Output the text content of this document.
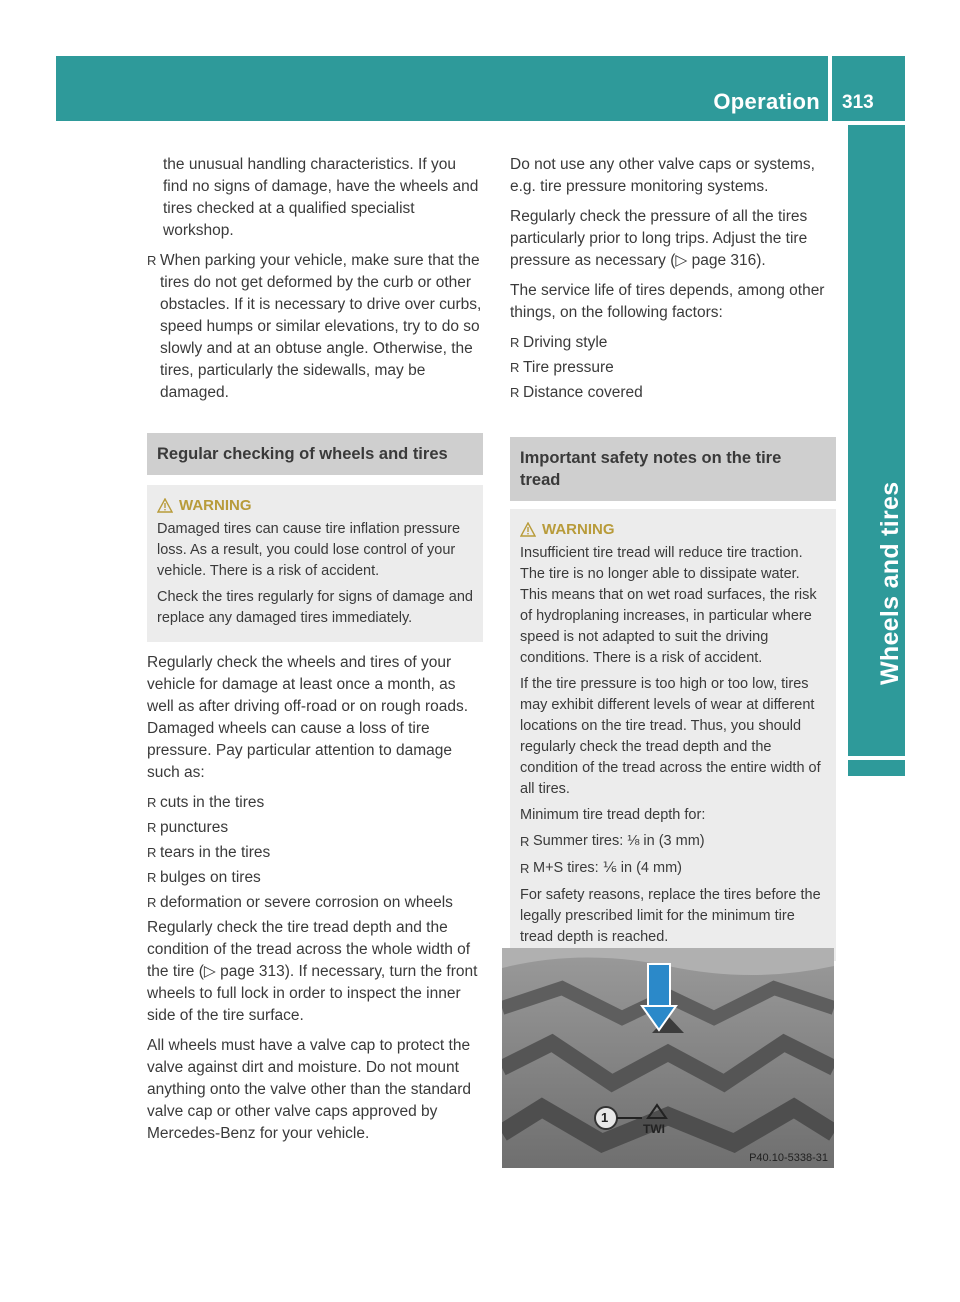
Operation 313
Wheels and tires

the unusual handling characteristics. If you find no signs of damage, have the wheels and tires checked at a qualified specialist workshop.

R When parking your vehicle, make sure that the tires do not get deformed by the curb or other obstacles. If it is necessary to drive over curbs, speed humps or similar elevations, try to do so slowly and at an obtuse angle. Otherwise, the tires, particularly the sidewalls, may be damaged.
Regular checking of wheels and tires
WARNING

Damaged tires can cause tire inflation pressure loss. As a result, you could lose control of your vehicle. There is a risk of accident.

Check the tires regularly for signs of damage and replace any damaged tires immediately.

Regularly check the wheels and tires of your vehicle for damage at least once a month, as well as after driving off-road or on rough roads. Damaged wheels can cause a loss of tire pressure. Pay particular attention to damage such as:

R cuts in the tires
R punctures
R tears in the tires
R bulges on tires
R deformation or severe corrosion on wheels

Regularly check the tire tread depth and the condition of the tread across the whole width of the tire (▷ page 313). If necessary, turn the front wheels to full lock in order to inspect the inner side of the tire surface.

All wheels must have a valve cap to protect the valve against dirt and moisture. Do not mount anything onto the valve other than the standard valve cap or other valve caps approved by Mercedes-Benz for your vehicle.

Do not use any other valve caps or systems, e.g. tire pressure monitoring systems.

Regularly check the pressure of all the tires particularly prior to long trips. Adjust the tire pressure as necessary (▷ page 316).

The service life of tires depends, among other things, on the following factors:

R Driving style
R Tire pressure
R Distance covered
Important safety notes on the tire tread
WARNING

Insufficient tire tread will reduce tire traction. The tire is no longer able to dissipate water. This means that on wet road surfaces, the risk of hydroplaning increases, in particular where speed is not adapted to suit the driving conditions. There is a risk of accident.

If the tire pressure is too high or too low, tires may exhibit different levels of wear at different locations on the tire tread. Thus, you should regularly check the tread depth and the condition of the tread across the entire width of all tires.

Minimum tire tread depth for:

R Summer tires: ⅛ in (3 mm)
R M+S tires: ⅙ in (4 mm)

For safety reasons, replace the tires before the legally prescribed limit for the minimum tire tread depth is reached.

1
TWI
P40.10-5338-31
